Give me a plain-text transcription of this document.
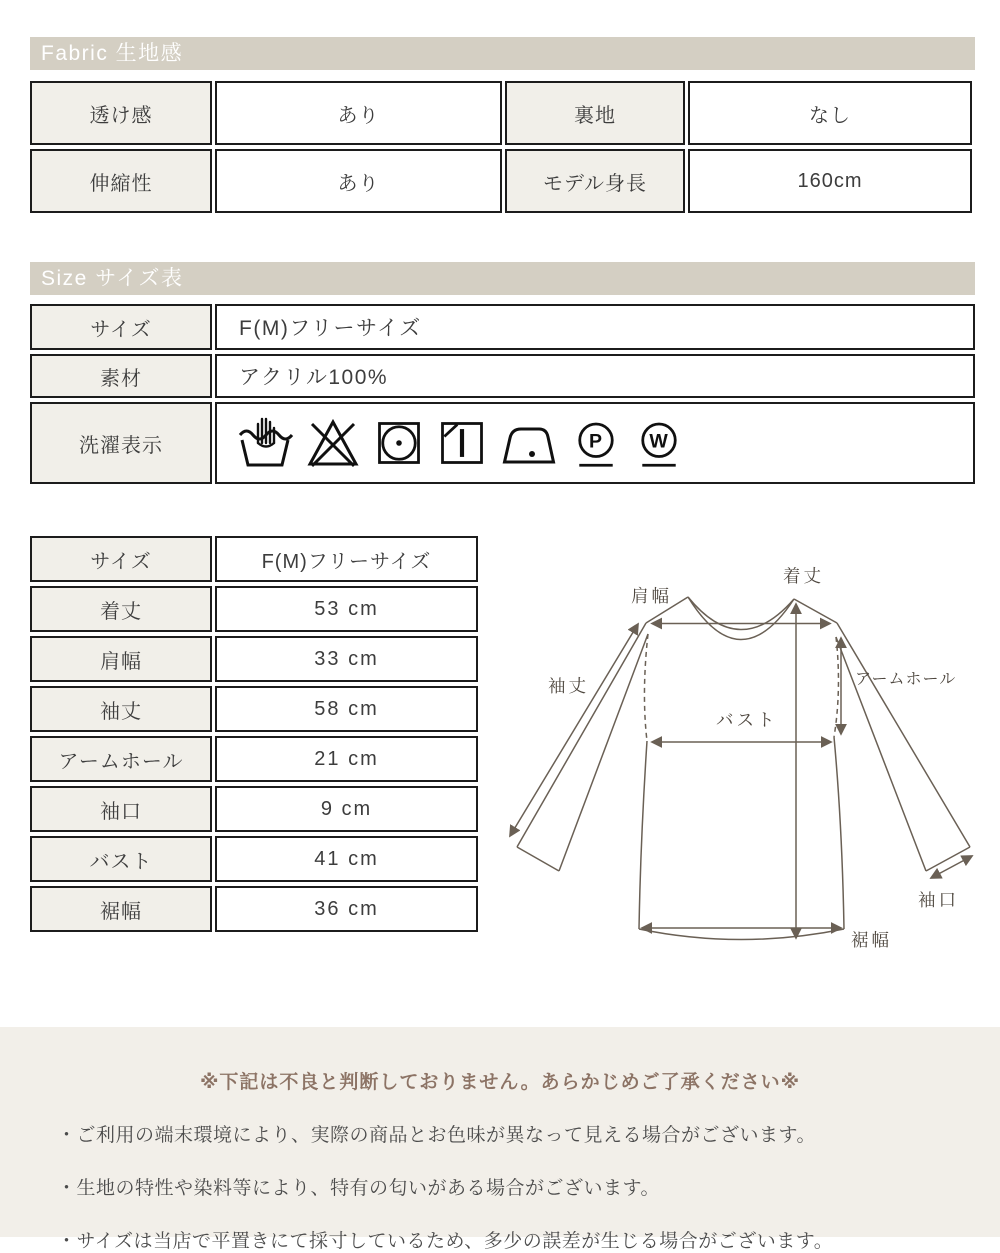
Fabric 生地感
透け感	あり	裏地	なし
伸縮性	あり	モデル身長	160cm
Size サイズ表
サイズ	F(M)フリーサイズ
素材	アクリル100%
洗濯表示	P W
サイズ	F(M)フリーサイズ
着丈	53 cm
肩幅	33 cm
袖丈	58 cm
アームホール	21 cm
袖口	9 cm
バスト	41 cm
裾幅	36 cm
着丈
肩幅
袖丈	アームホール
バスト
袖口
裾幅
※下記は不良と判断しておりません。あらかじめご了承ください※
・ご利用の端末環境により、実際の商品とお色味が異なって見える場合がございます。
・生地の特性や染料等により、特有の匂いがある場合がございます。
・サイズは当店で平置きにて採寸しているため、多少の誤差が生じる場合がございます。
